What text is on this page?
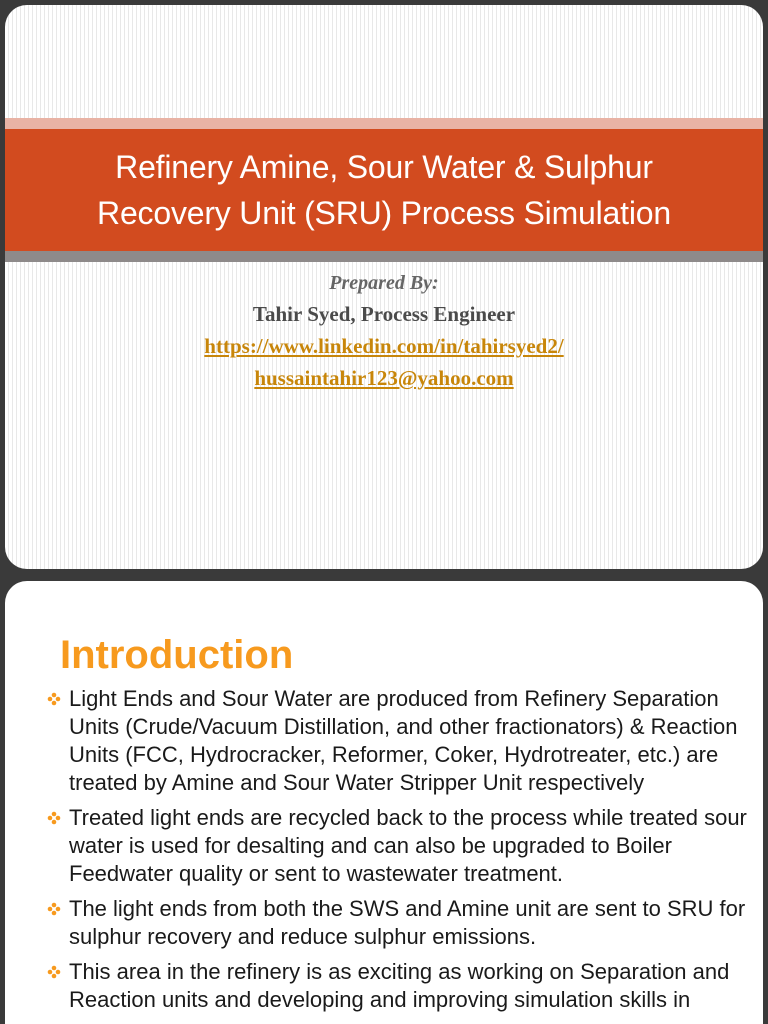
Refinery Amine, Sour Water & Sulphur
Recovery Unit (SRU) Process Simulation
Prepared By:
Tahir Syed, Process Engineer
https://www.linkedin.com/in/tahirsyed2/
hussaintahir123@yahoo.com
Introduction
Light Ends and Sour Water are produced from Refinery Separation Units (Crude/Vacuum Distillation, and other fractionators) & Reaction Units (FCC, Hydrocracker, Reformer, Coker, Hydrotreater, etc.) are treated by Amine and Sour Water Stripper Unit respectively
Treated light ends are recycled back to the process while treated sour water is used for desalting and can also be upgraded to Boiler Feedwater quality or sent to wastewater treatment.
The light ends from both the SWS and Amine unit are sent to SRU for sulphur recovery and reduce sulphur emissions.
This area in the refinery is as exciting as working on Separation and Reaction units and developing and improving simulation skills in
